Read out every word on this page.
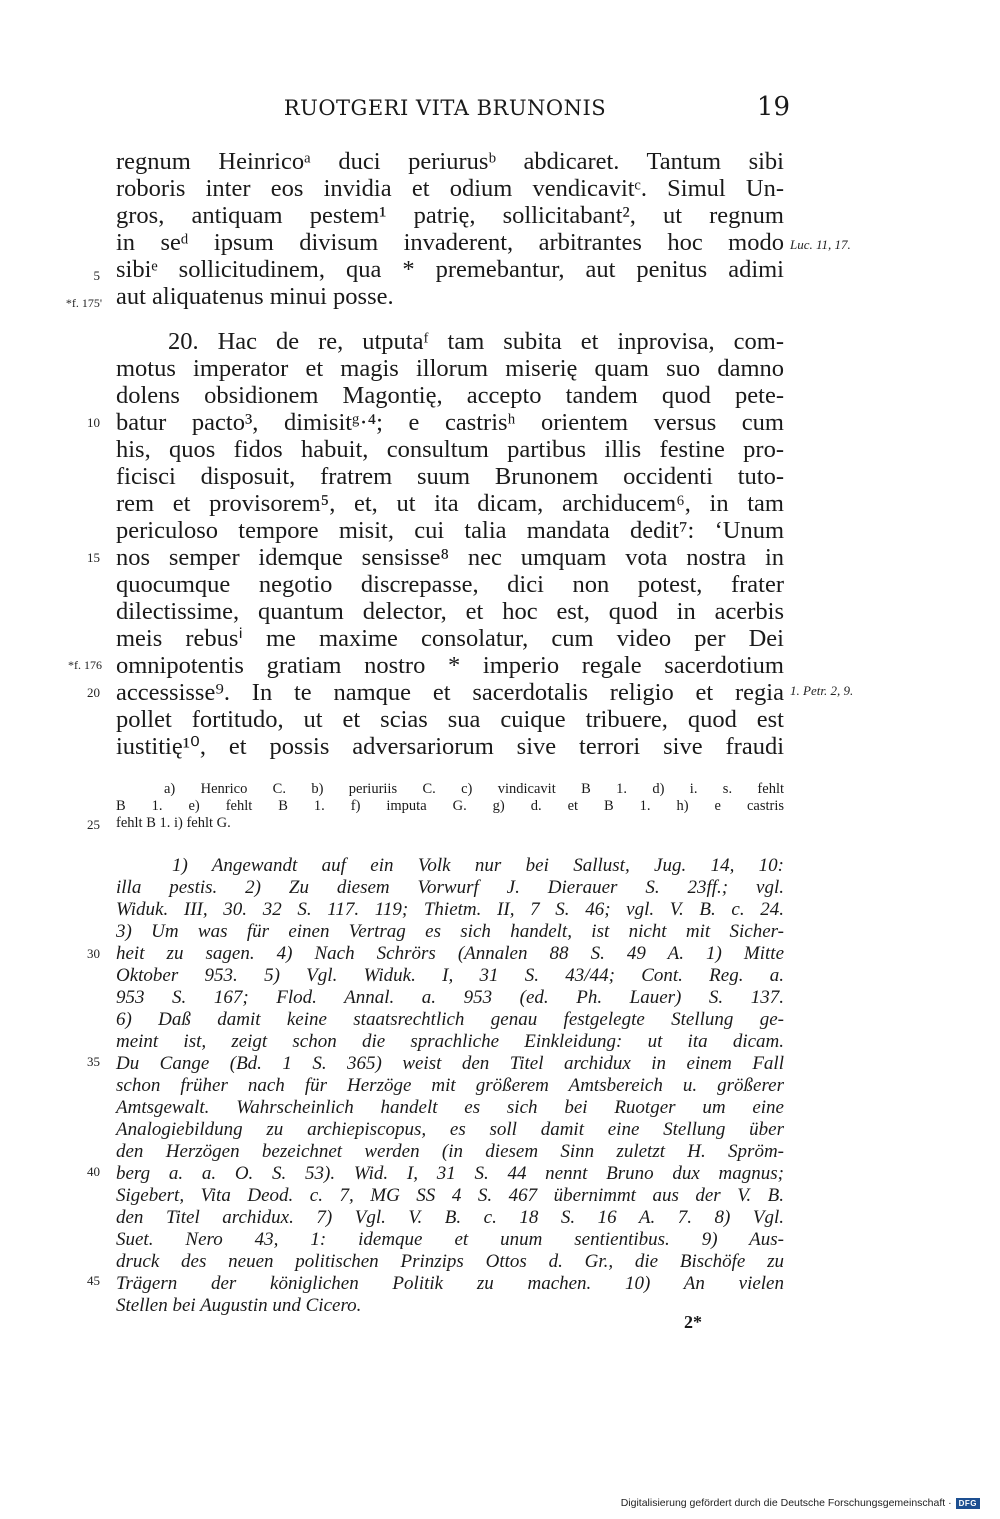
RUOTGERI VITA BRUNONIS	19
regnum Heinricoᵃ duci periurusᵇ abdicaret. Tantum sibi
roboris inter eos invidia et odium vendicavitᶜ. Simul Un-
gros, antiquam pestem¹ patrię, sollicitabant², ut regnum
in seᵈ ipsum divisum invaderent, arbitrantes hoc modo
sibiᵉ sollicitudinem, qua * premebantur, aut penitus adimi
aut aliquatenus minui posse.
20. Hac de re, utputaᶠ tam subita et inprovisa, com-
motus imperator et magis illorum miserię quam suo damno
dolens obsidionem Magontię, accepto tandem quod pete-
batur pacto³, dimisitᵍ·⁴; e castrisʰ orientem versus cum
his, quos fidos habuit, consultum partibus illis festine pro-
ficisci disposuit, fratrem suum Brunonem occidenti tuto-
rem et provisorem⁵, et, ut ita dicam, archiducem⁶, in tam
periculoso tempore misit, cui talia mandata dedit⁷: ʻUnum
nos semper idemque sensisse⁸ nec umquam vota nostra in
quocumque negotio discrepasse, dici non potest, frater
dilectissime, quantum delector, et hoc est, quod in acerbis
meis rebusⁱ me maxime consolatur, cum video per Dei
omnipotentis gratiam nostro * imperio regale sacerdotium
accessisse⁹. In te namque et sacerdotalis religio et regia
pollet fortitudo, ut et scias sua cuique tribuere, quod est
iustitię¹⁰, et possis adversariorum sive terrori sive fraudi
5
10
15
20
25
30
35
40
45
*f. 175'
*f. 176
Luc. 11, 17.
1. Petr. 2, 9.
a) Henrico C. b) periuriis C. c) vindicavit B 1. d) i. s. fehlt
B 1. e) fehlt B 1. f) imputa G. g) d. et B 1. h) e castris
fehlt B 1. i) fehlt G.
1) Angewandt auf ein Volk nur bei Sallust, Jug. 14, 10:
illa pestis. 2) Zu diesem Vorwurf J. Dierauer S. 23ff.; vgl.
Widuk. III, 30. 32 S. 117. 119; Thietm. II, 7 S. 46; vgl. V. B. c. 24.
3) Um was für einen Vertrag es sich handelt, ist nicht mit Sicher-
heit zu sagen. 4) Nach Schrörs (Annalen 88 S. 49 A. 1) Mitte
Oktober 953. 5) Vgl. Widuk. I, 31 S. 43/44; Cont. Reg. a.
953 S. 167; Flod. Annal. a. 953 (ed. Ph. Lauer) S. 137.
6) Daß damit keine staatsrechtlich genau festgelegte Stellung ge-
meint ist, zeigt schon die sprachliche Einkleidung: ut ita dicam.
Du Cange (Bd. 1 S. 365) weist den Titel archidux in einem Fall
schon früher nach für Herzöge mit größerem Amtsbereich u. größerer
Amtsgewalt. Wahrscheinlich handelt es sich bei Ruotger um eine
Analogiebildung zu archiepiscopus, es soll damit eine Stellung über
den Herzögen bezeichnet werden (in diesem Sinn zuletzt H. Spröm-
berg a. a. O. S. 53). Wid. I, 31 S. 44 nennt Bruno dux magnus;
Sigebert, Vita Deod. c. 7, MG SS 4 S. 467 übernimmt aus der V. B.
den Titel archidux. 7) Vgl. V. B. c. 18 S. 16 A. 7. 8) Vgl.
Suet. Nero 43, 1: idemque et unum sentientibus. 9) Aus-
druck des neuen politischen Prinzips Ottos d. Gr., die Bischöfe zu
Trägern der königlichen Politik zu machen. 10) An vielen
Stellen bei Augustin und Cicero.
2*
Digitalisierung gefördert durch die Deutsche Forschungsgemeinschaft · DFG
